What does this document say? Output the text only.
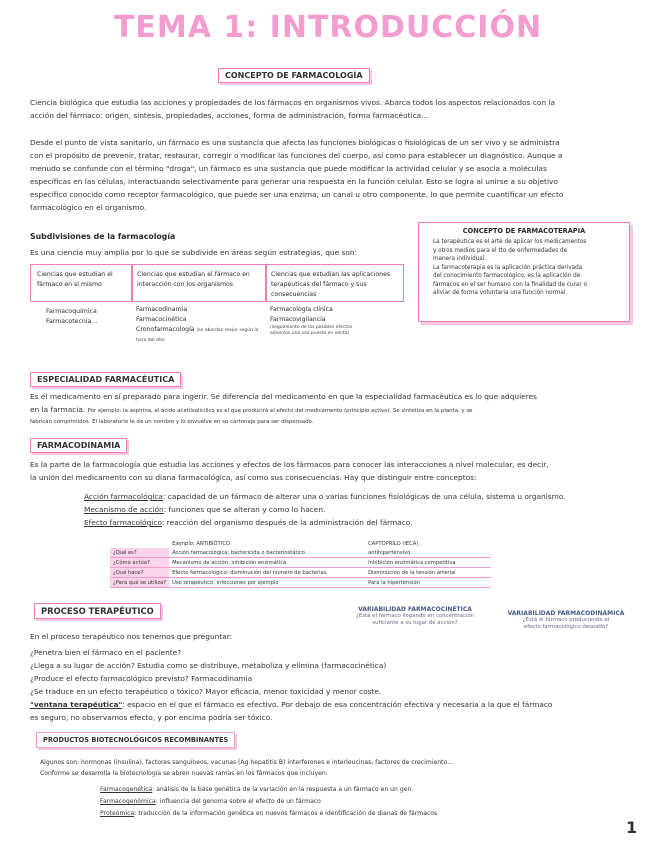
TEMA 1: INTRODUCCIÓN
CONCEPTO DE FARMACOLOGÍA
Ciencia biológica que estudia las acciones y propiedades de los fármacos en organismos vivos. Abarca todos los aspectos relacionados con la
acción del fármaco: origen, síntesis, propiedades, acciones, forma de administración, forma farmacéutica...
Desde el punto de vista sanitario, un fármaco es una sustancia que afecta las funciones biológicas o fisiológicas de un ser vivo y se administra
con el propósito de prevenir, tratar, restaurar, corregir o modificar las funciones del cuerpo, así como para establecer un diagnóstico. Aunque a
menudo se confunde con el término "droga", un fármaco es una sustancia que puede modificar la actividad celular y se asocia a moléculas
específicas en las células, interactuando selectivamente para generar una respuesta en la función celular. Esto se logra al unirse a su objetivo
específico conocido como receptor farmacológico, que puede ser una enzima, un canal u otro componente, lo que permite cuantificar un efecto
farmacológico en el organismo.
Subdivisiones de la farmacología
Es una ciencia muy amplia por lo que se subdivide en áreas según estrategias, que son:
Ciencias que estudian el fármaco en sí mismo
Ciencias que estudian el fármaco en interacción con los organismos
Ciencias que estudian las aplicaciones terapéuticas del fármaco y sus consecuencias
Farmacoquímica
Farmacotecnia...
Farmacodinamia
Farmacocinética
Cronofarmacología (se abordan mejor según la hora del día)
Farmacología clínica
Farmacovigilancia
(seguimiento de los posibles efectos adversos una vez puesto en venta)
CONCEPTO DE FARMACOTERAPIA
La terapéutica es el arte de aplicar los medicamentos
y otros medios para el tto de enfermedades de
manera individual.
La farmacoterapia es la aplicación práctica derivada
del conocimiento farmacológico, es la aplicación de
fármacos en el ser humano con la finalidad de curar o
aliviar de forma voluntaria una función normal.
ESPECIALIDAD FARMACÉUTICA
Es el medicamento en sí preparado para ingerir. Se diferencia del medicamento en que la especialidad farmacéutica es lo que adquieres
en la farmacia. Por ejemplo: la aspirina, el ácido acetilsalicílico es el que producirá el efecto del medicamento (principio activo). Se sintetiza en la planta, y se
fabrican comprimidos. El laboratorio le da un nombre y lo envuelve en su cartonaje para ser dispensado.
FARMACODINAMIA
Es la parte de la farmacología que estudia las acciones y efectos de los fármacos para conocer las interacciones a nivel molecular, es decir,
la unión del medicamento con su diana farmacológica, así como sus consecuencias. Hay que distinguir entre conceptos:
Acción farmacológica: capacidad de un fármaco de alterar una o varias funciones fisiológicas de una célula, sistema u organismo.
Mecanismo de acción: funciones que se alteran y como lo hacen.
Efecto farmacológico: reacción del organismo después de la administración del fármaco.
	Ejemplo: ANTIBIÓTICO	CAPTOPRILO (IECA)
¿Qué es?	Acción farmacológica: bactericida o bacteriostático	antihipertensivo
¿Cómo actúa?	Mecanismo de acción: inhibición enzimática	Inhibición enzimática competitiva
¿Qué hace?	Efecto farmacológico: disminución del número de bacterias	Disminución de la tensión arterial
¿Para qué se utiliza?	Uso terapéutico: infecciones por ejemplo	Para la hipertensión
PROCESO TERAPÉUTICO	VARIABILIDAD FARMACOCINÉTICA
¿Está el fármaco llegando en concentración
suficiente a su lugar de acción?
VARIABILIDAD FARMACODINÁMICA
¿Está el fármaco produciendo el
efecto farmacológico deseado?
En el proceso terapéutico nos tenemos que preguntar:
¿Penetra bien el fármaco en el paciente?
¿Llega a su lugar de acción? Estudia como se distribuye, metaboliza y elimina (farmacocinética)
¿Produce el efecto farmacológico previsto? Farmacodinamia
¿Se traduce en un efecto terapéutico o tóxico? Mayor eficacia, menor toxicidad y menor coste.
"ventana terapéutica": espacio en el que el fármaco es efectivo. Por debajo de esa concentración efectiva y necesaria a la que el fármaco
es seguro, no observamos efecto, y por encima podría ser tóxico.
PRODUCTOS BIOTECNOLÓGICOS RECOMBINANTES
Algunos son: hormonas (insulina), factores sanguíneos, vacunas (Ag hepatitis B) interferones e interleucinas, factores de crecimiento...
Conforme se desarrolla la biotecnología se abren nuevas ramas en los fármacos que incluyen:
Farmacogenética: análisis de la base genética de la variación en la respuesta a un fármaco en un gen.
Farmacogenómica: influencia del genoma sobre el efecto de un fármaco
Proteómica: traducción de la información genética en nuevos fármacos e identificación de dianas de fármacos
1
